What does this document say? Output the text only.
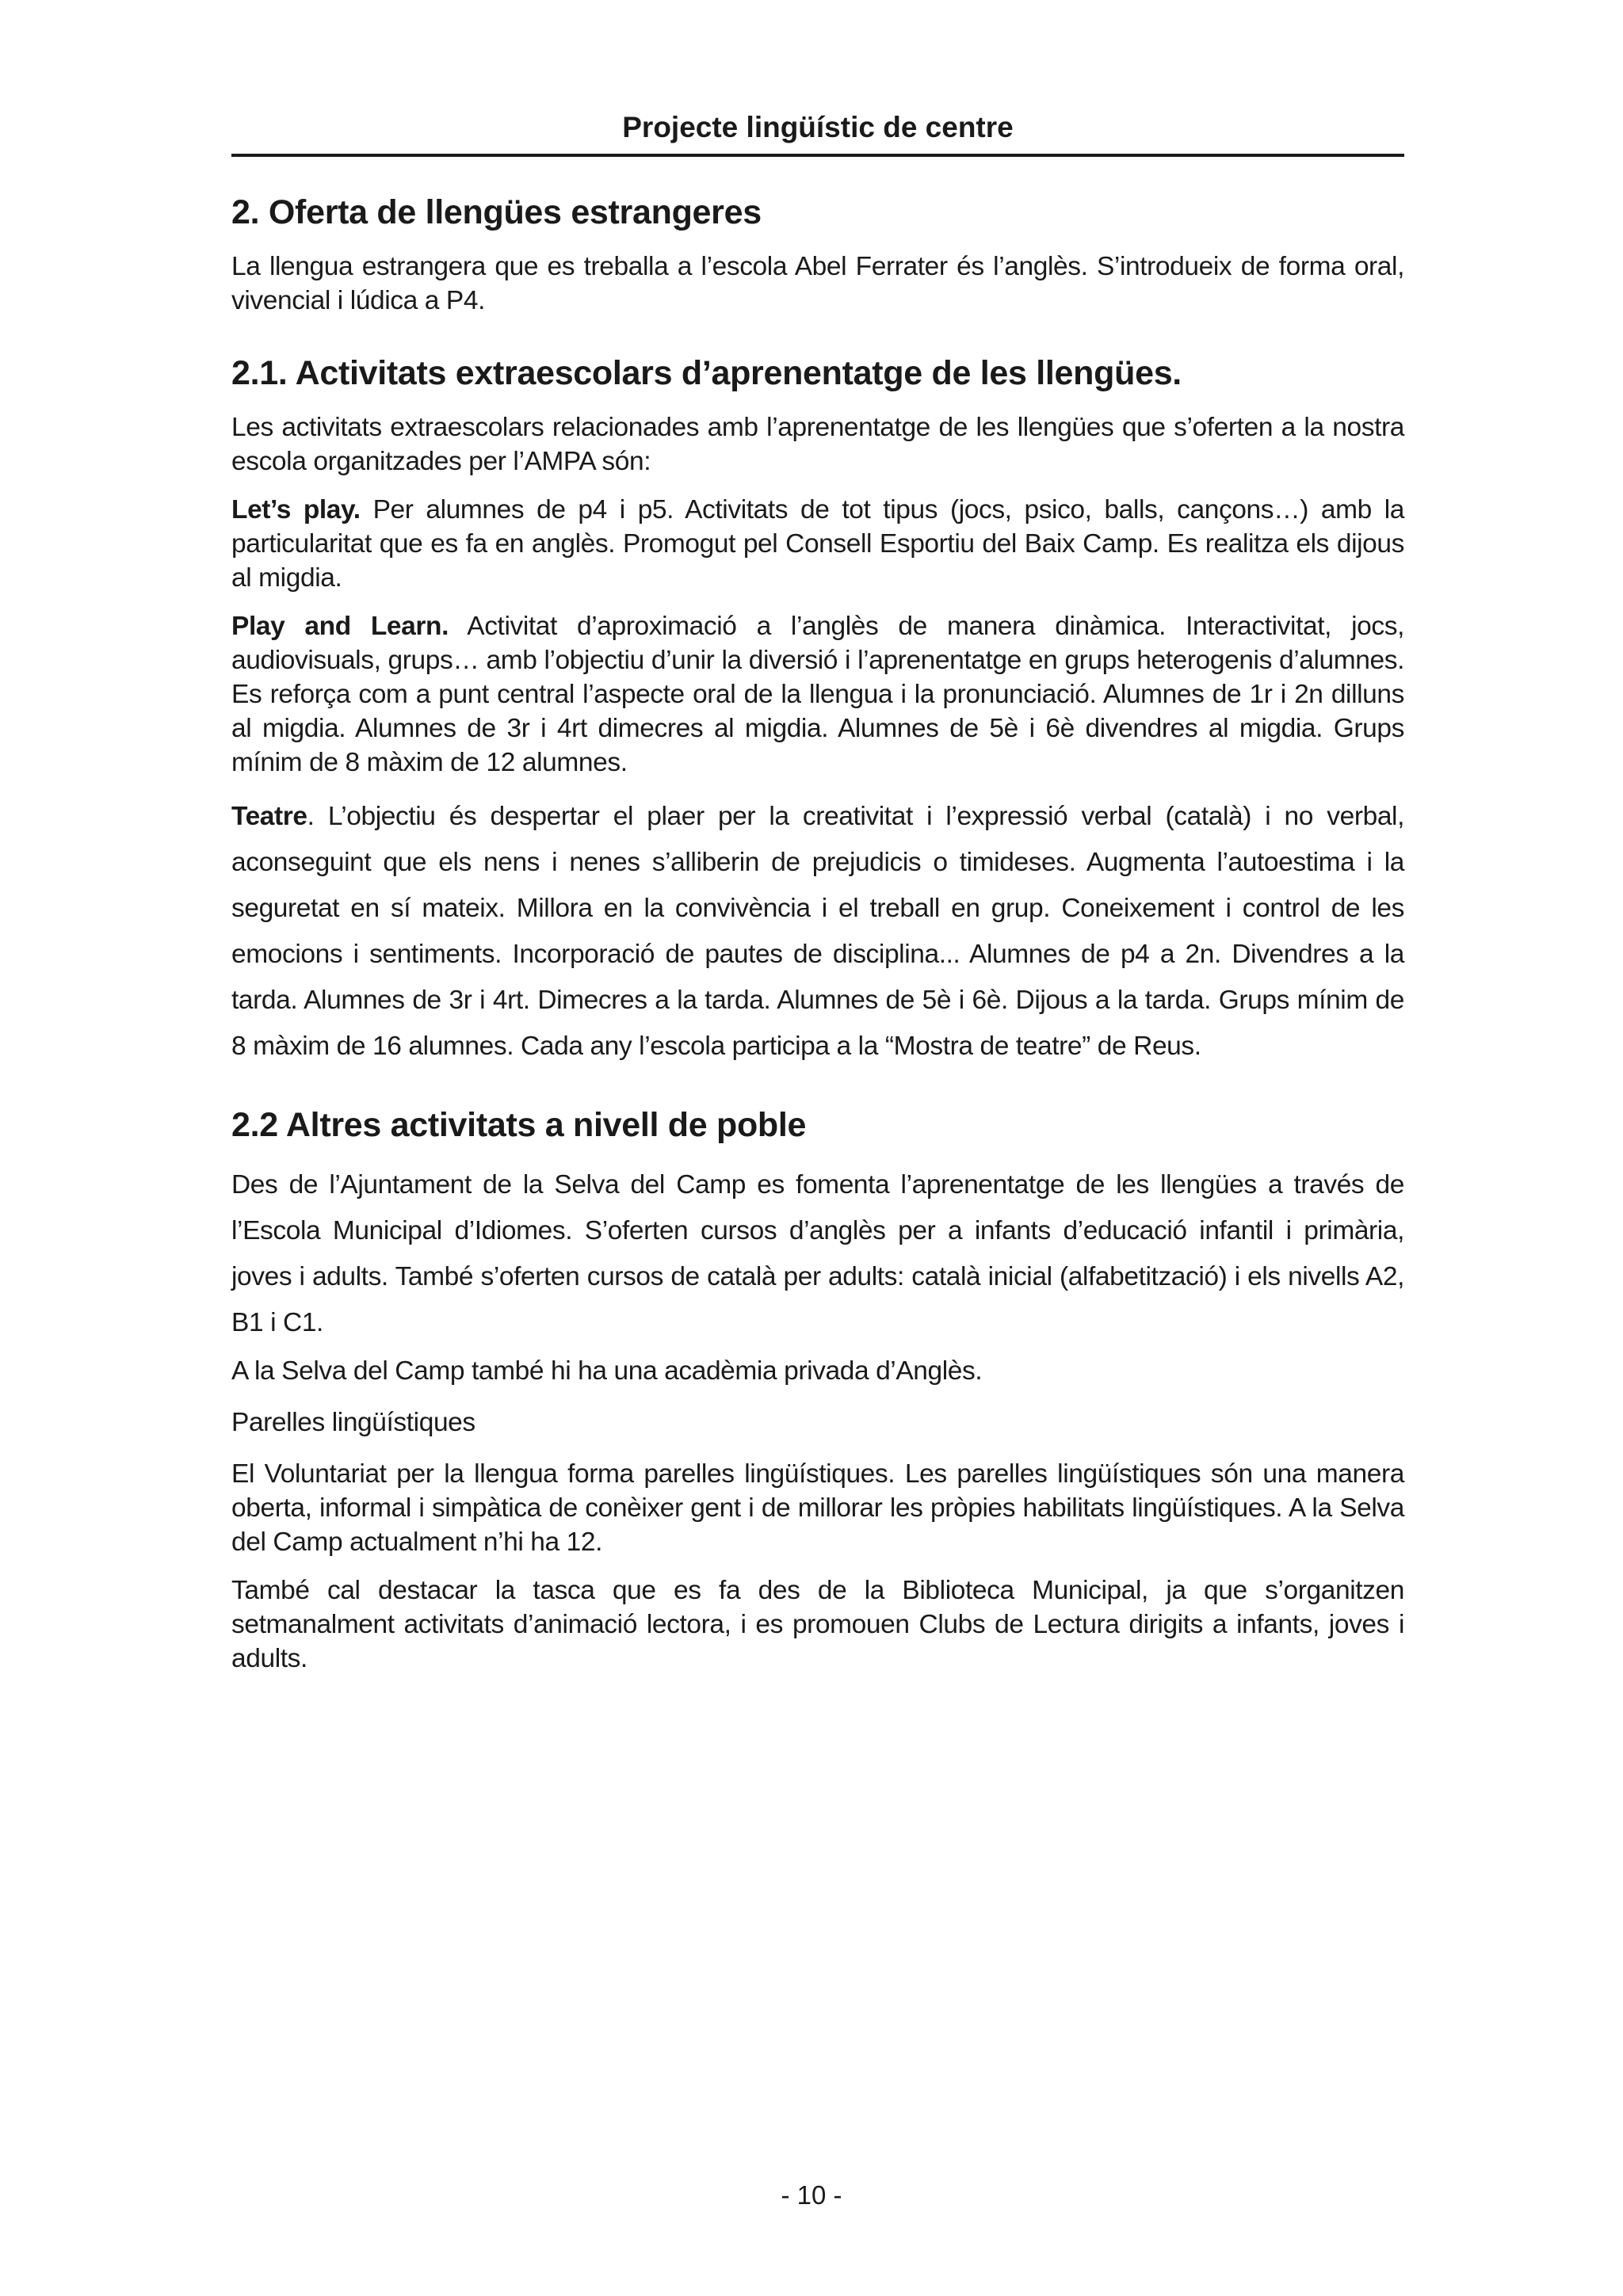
Projecte lingüístic de centre
2. Oferta de llengües estrangeres

La llengua estrangera que es treballa a l’escola Abel Ferrater és l’anglès. S’introdueix de forma oral, vivencial i lúdica a P4.

2.1. Activitats extraescolars d’aprenentatge de les llengües.

Les activitats extraescolars relacionades amb l’aprenentatge de les llengües que s’oferten a la nostra escola organitzades per l’AMPA són:

Let’s play. Per alumnes de p4 i p5. Activitats de tot tipus (jocs, psico, balls, cançons…) amb la particularitat que es fa en anglès. Promogut pel Consell Esportiu del Baix Camp. Es realitza els dijous al migdia.

Play and Learn. Activitat d’aproximació a l’anglès de manera dinàmica. Interactivitat, jocs, audiovisuals, grups… amb l’objectiu d’unir la diversió i l’aprenentatge en grups heterogenis d’alumnes. Es reforça com a punt central l’aspecte oral de la llengua i la pronunciació. Alumnes de 1r i 2n dilluns al migdia. Alumnes de 3r i 4rt dimecres al migdia. Alumnes de 5è i 6è divendres al migdia. Grups mínim de 8 màxim de 12 alumnes.

Teatre. L’objectiu és despertar el plaer per la creativitat i l’expressió verbal (català) i no verbal, aconseguint que els nens i nenes s’alliberin de prejudicis o timideses. Augmenta l’autoestima i la seguretat en sí mateix. Millora en la convivència i el treball en grup. Coneixement i control de les emocions i sentiments. Incorporació de pautes de disciplina... Alumnes de p4 a 2n. Divendres a la tarda. Alumnes de 3r i 4rt. Dimecres a la tarda. Alumnes de 5è i 6è. Dijous a la tarda. Grups mínim de 8 màxim de 16 alumnes. Cada any l’escola participa a la “Mostra de teatre” de Reus.

2.2 Altres activitats a nivell de poble

Des de l’Ajuntament de la Selva del Camp es fomenta l’aprenentatge de les llengües a través de l’Escola Municipal d’Idiomes. S’oferten cursos d’anglès per a infants d’educació infantil i primària, joves i adults. També s’oferten cursos de català per adults: català inicial (alfabetització) i els nivells A2, B1 i C1.

A la Selva del Camp també hi ha una acadèmia privada d’Anglès.

Parelles lingüístiques

El Voluntariat per la llengua forma parelles lingüístiques. Les parelles lingüístiques són una manera oberta, informal i simpàtica de conèixer gent i de millorar les pròpies habilitats lingüístiques. A la Selva del Camp actualment n’hi ha 12.

També cal destacar la tasca que es fa des de la Biblioteca Municipal, ja que s’organitzen setmanalment activitats d’animació lectora, i es promouen Clubs de Lectura dirigits a infants, joves i adults.

- 10 -
